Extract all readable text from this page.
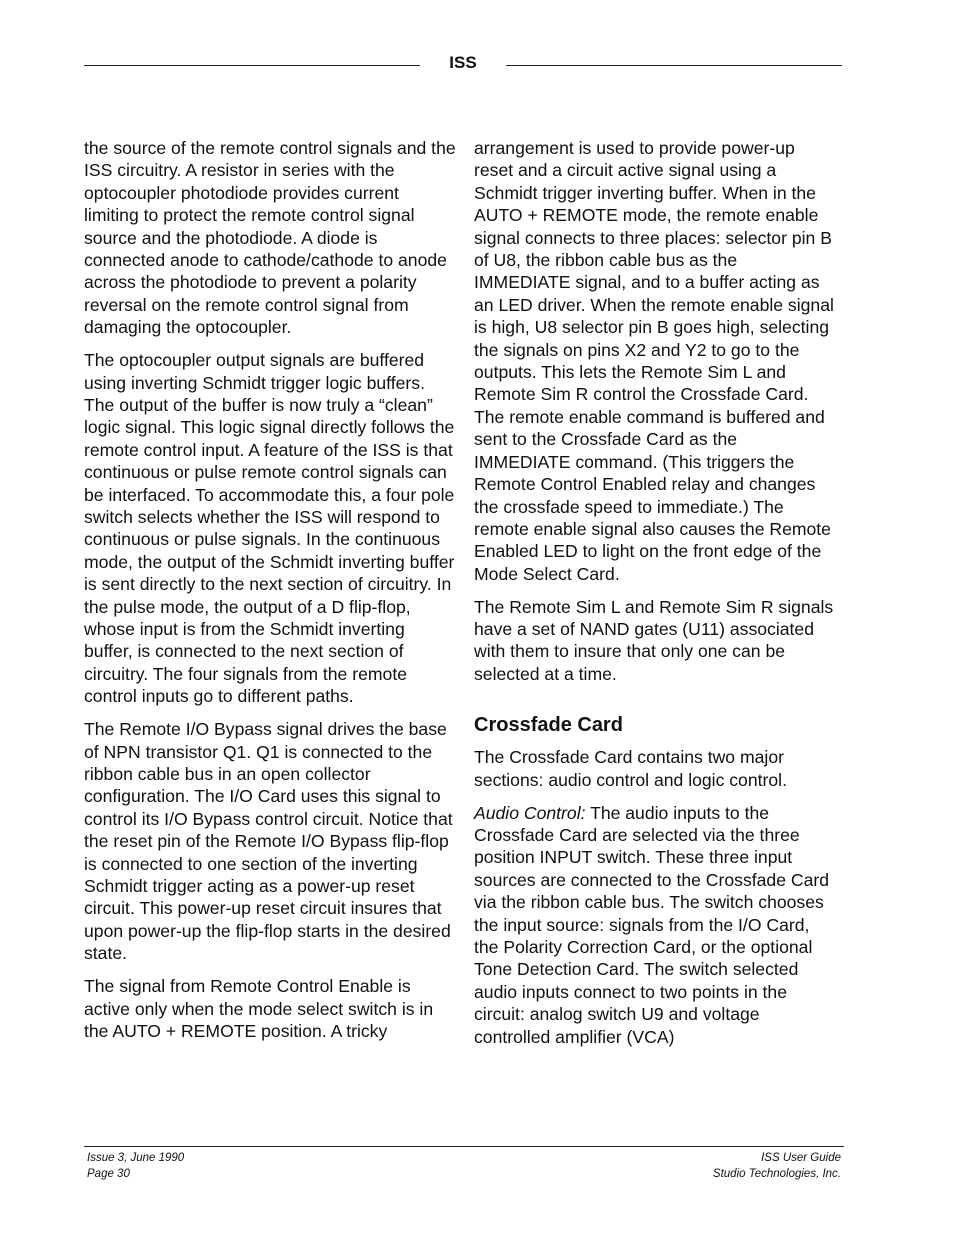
ISS

the source of the remote control signals and the ISS circuitry. A resistor in series with the optocoupler photodiode provides current limiting to protect the remote control signal source and the photodiode. A diode is connected anode to cathode/cathode to anode across the photodiode to prevent a polarity reversal on the remote control signal from damaging the optocoupler.

The optocoupler output signals are buffered using inverting Schmidt trigger logic buffers. The output of the buffer is now truly a “clean” logic signal. This logic signal directly follows the remote control input. A feature of the ISS is that continuous or pulse remote control signals can be interfaced. To accommodate this, a four pole switch selects whether the ISS will respond to continuous or pulse signals. In the continuous mode, the output of the Schmidt inverting buffer is sent directly to the next section of circuitry. In the pulse mode, the output of a D flip-flop, whose input is from the Schmidt inverting buffer, is connected to the next section of circuitry. The four signals from the remote control inputs go to different paths.

The Remote I/O Bypass signal drives the base of NPN transistor Q1. Q1 is connected to the ribbon cable bus in an open collector configuration. The I/O Card uses this signal to control its I/O Bypass control circuit. Notice that the reset pin of the Remote I/O Bypass flip-flop is connected to one section of the inverting Schmidt trigger acting as a power-up reset circuit. This power-up reset circuit insures that upon power-up the flip-flop starts in the desired state.

The signal from Remote Control Enable is active only when the mode select switch is in the AUTO + REMOTE position. A tricky

arrangement is used to provide power-up reset and a circuit active signal using a Schmidt trigger inverting buffer. When in the AUTO + REMOTE mode, the remote enable signal connects to three places: selector pin B of U8, the ribbon cable bus as the IMMEDIATE signal, and to a buffer acting as an LED driver. When the remote enable signal is high, U8 selector pin B goes high, selecting the signals on pins X2 and Y2 to go to the outputs. This lets the Remote Sim L and Remote Sim R control the Crossfade Card. The remote enable command is buffered and sent to the Crossfade Card as the IMMEDIATE command. (This triggers the Remote Control Enabled relay and changes the crossfade speed to immediate.) The remote enable signal also causes the Remote Enabled LED to light on the front edge of the Mode Select Card.

The Remote Sim L and Remote Sim R signals have a set of NAND gates (U11) associated with them to insure that only one can be selected at a time.

Crossfade Card

The Crossfade Card contains two major sections: audio control and logic control.

Audio Control: The audio inputs to the Crossfade Card are selected via the three position INPUT switch. These three input sources are connected to the Crossfade Card via the ribbon cable bus. The switch chooses the input source: signals from the I/O Card, the Polarity Correction Card, or the optional Tone Detection Card. The switch selected audio inputs connect to two points in the circuit: analog switch U9 and voltage controlled amplifier (VCA)

Issue 3, June 1990
Page 30
ISS User Guide
Studio Technologies, Inc.
